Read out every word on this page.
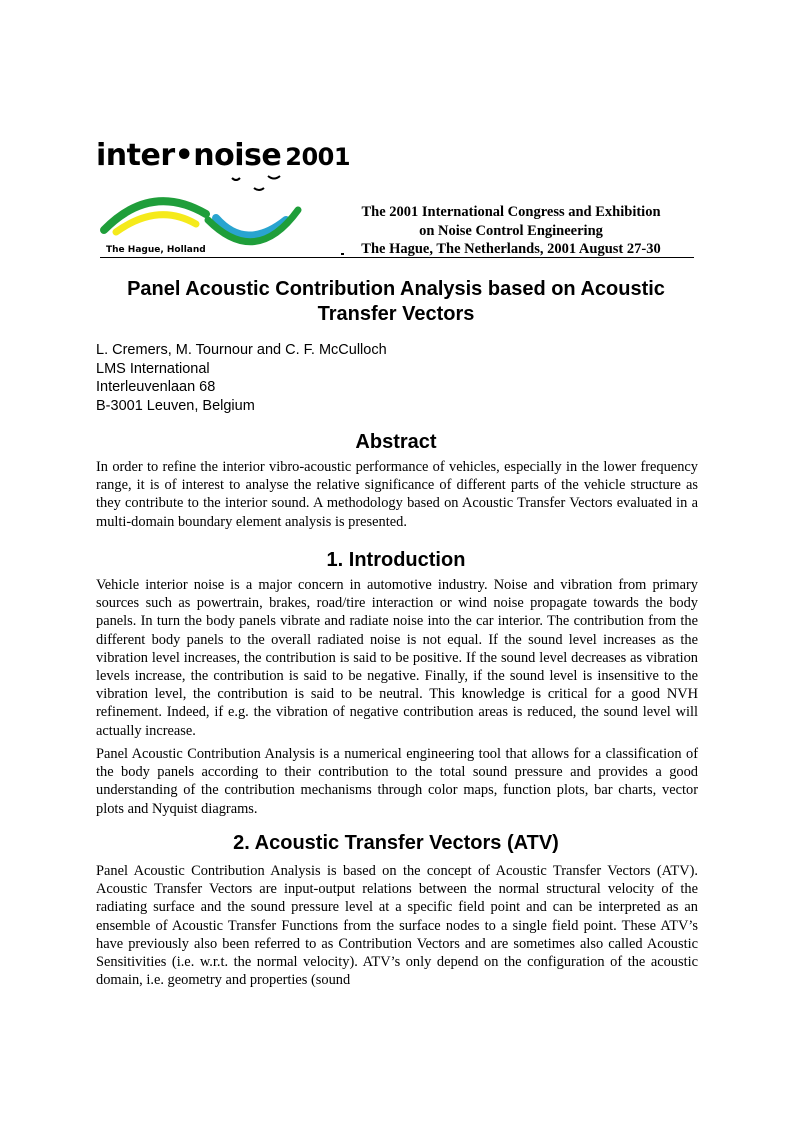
inter•noise 2001
The Hague, Holland
The 2001 International Congress and Exhibition
on Noise Control Engineering
The Hague, The Netherlands, 2001 August 27-30
Panel Acoustic Contribution Analysis based on Acoustic Transfer Vectors
L. Cremers, M. Tournour and C. F. McCulloch
LMS International
Interleuvenlaan 68
B-3001 Leuven, Belgium
Abstract

In order to refine the interior vibro-acoustic performance of vehicles, especially in the lower frequency range, it is of interest to analyse the relative significance of different parts of the vehicle structure as they contribute to the interior sound. A methodology based on Acoustic Transfer Vectors evaluated in a multi-domain boundary element analysis is presented.

1. Introduction

Vehicle interior noise is a major concern in automotive industry. Noise and vibration from primary sources such as powertrain, brakes, road/tire interaction or wind noise propagate towards the body panels. In turn the body panels vibrate and radiate noise into the car interior. The contribution from the different body panels to the overall radiated noise is not equal. If the sound level increases as the vibration level increases, the contribution is said to be positive. If the sound level decreases as vibration levels increase, the contribution is said to be negative. Finally, if the sound level is insensitive to the vibration level, the contribution is said to be neutral. This knowledge is critical for a good NVH refinement. Indeed, if e.g. the vibration of negative contribution areas is reduced, the sound level will actually increase.

Panel Acoustic Contribution Analysis is a numerical engineering tool that allows for a classification of the body panels according to their contribution to the total sound pressure and provides a good understanding of the contribution mechanisms through color maps, function plots, bar charts, vector plots and Nyquist diagrams.

2. Acoustic Transfer Vectors (ATV)

Panel Acoustic Contribution Analysis is based on the concept of Acoustic Transfer Vectors (ATV). Acoustic Transfer Vectors are input-output relations between the normal structural velocity of the radiating surface and the sound pressure level at a specific field point and can be interpreted as an ensemble of Acoustic Transfer Functions from the surface nodes to a single field point. These ATV’s have previously also been referred to as Contribution Vectors and are sometimes also called Acoustic Sensitivities (i.e. w.r.t. the normal velocity). ATV’s only depend on the configuration of the acoustic domain, i.e. geometry and properties (sound
